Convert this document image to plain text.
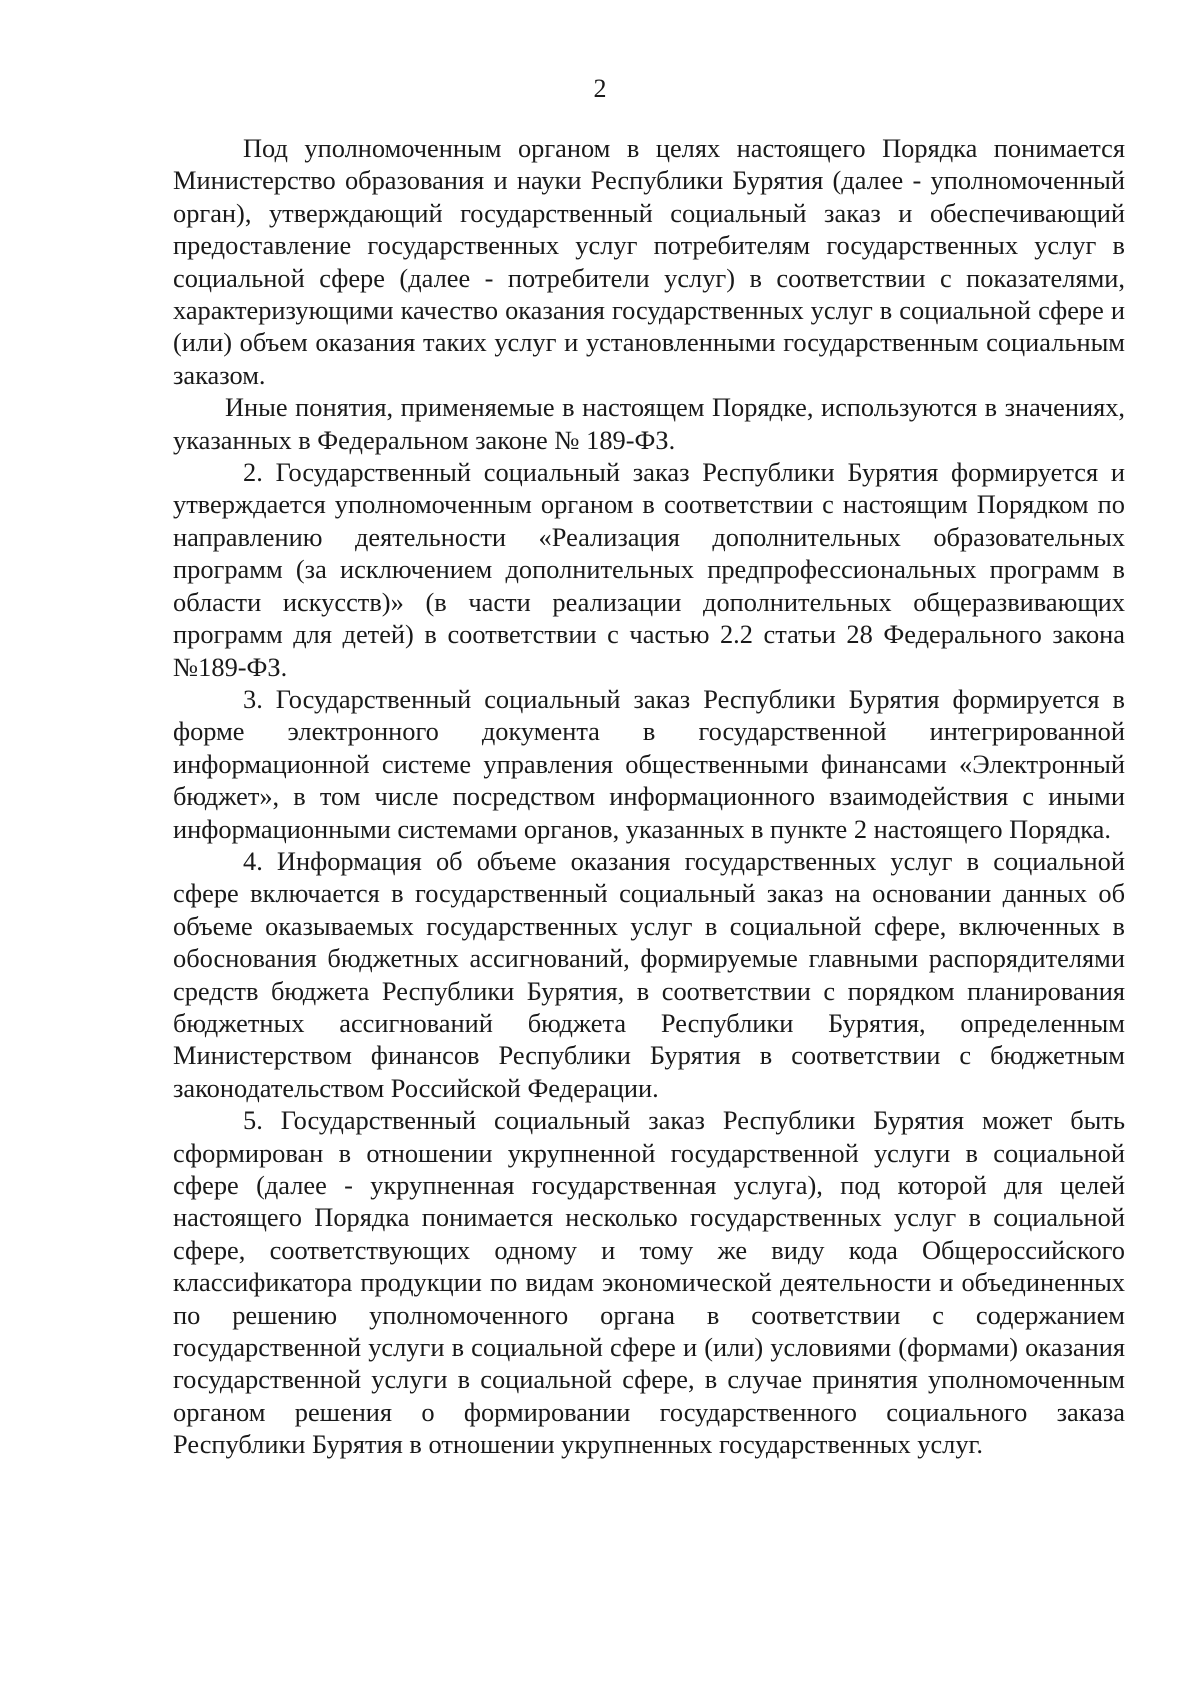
2

Под уполномоченным органом в целях настоящего Порядка понимается Министерство образования и науки Республики Бурятия (далее - уполномоченный орган), утверждающий государственный социальный заказ и обеспечивающий предоставление государственных услуг потребителям государственных услуг в социальной сфере (далее - потребители услуг) в соответствии с показателями, характеризующими качество оказания государственных услуг в социальной сфере и (или) объем оказания таких услуг и установленными государственным социальным заказом.

Иные понятия, применяемые в настоящем Порядке, используются в значениях, указанных в Федеральном законе № 189-ФЗ.

2. Государственный социальный заказ Республики Бурятия формируется и утверждается уполномоченным органом в соответствии с настоящим Порядком по направлению деятельности «Реализация дополнительных образовательных программ (за исключением дополнительных предпрофессиональных программ в области искусств)» (в части реализации дополнительных общеразвивающих программ для детей) в соответствии с частью 2.2 статьи 28 Федерального закона №189-ФЗ.

3. Государственный социальный заказ Республики Бурятия формируется в форме электронного документа в государственной интегрированной информационной системе управления общественными финансами «Электронный бюджет», в том числе посредством информационного взаимодействия с иными информационными системами органов, указанных в пункте 2 настоящего Порядка.

4. Информация об объеме оказания государственных услуг в социальной сфере включается в государственный социальный заказ на основании данных об объеме оказываемых государственных услуг в социальной сфере, включенных в обоснования бюджетных ассигнований, формируемые главными распорядителями средств бюджета Республики Бурятия, в соответствии с порядком планирования бюджетных ассигнований бюджета Республики Бурятия, определенным Министерством финансов Республики Бурятия в соответствии с бюджетным законодательством Российской Федерации.

5. Государственный социальный заказ Республики Бурятия может быть сформирован в отношении укрупненной государственной услуги в социальной сфере (далее - укрупненная государственная услуга), под которой для целей настоящего Порядка понимается несколько государственных услуг в социальной сфере, соответствующих одному и тому же виду кода Общероссийского классификатора продукции по видам экономической деятельности и объединенных по решению уполномоченного органа в соответствии с содержанием государственной услуги в социальной сфере и (или) условиями (формами) оказания государственной услуги в социальной сфере, в случае принятия уполномоченным органом решения о формировании государственного социального заказа Республики Бурятия в отношении укрупненных государственных услуг.
